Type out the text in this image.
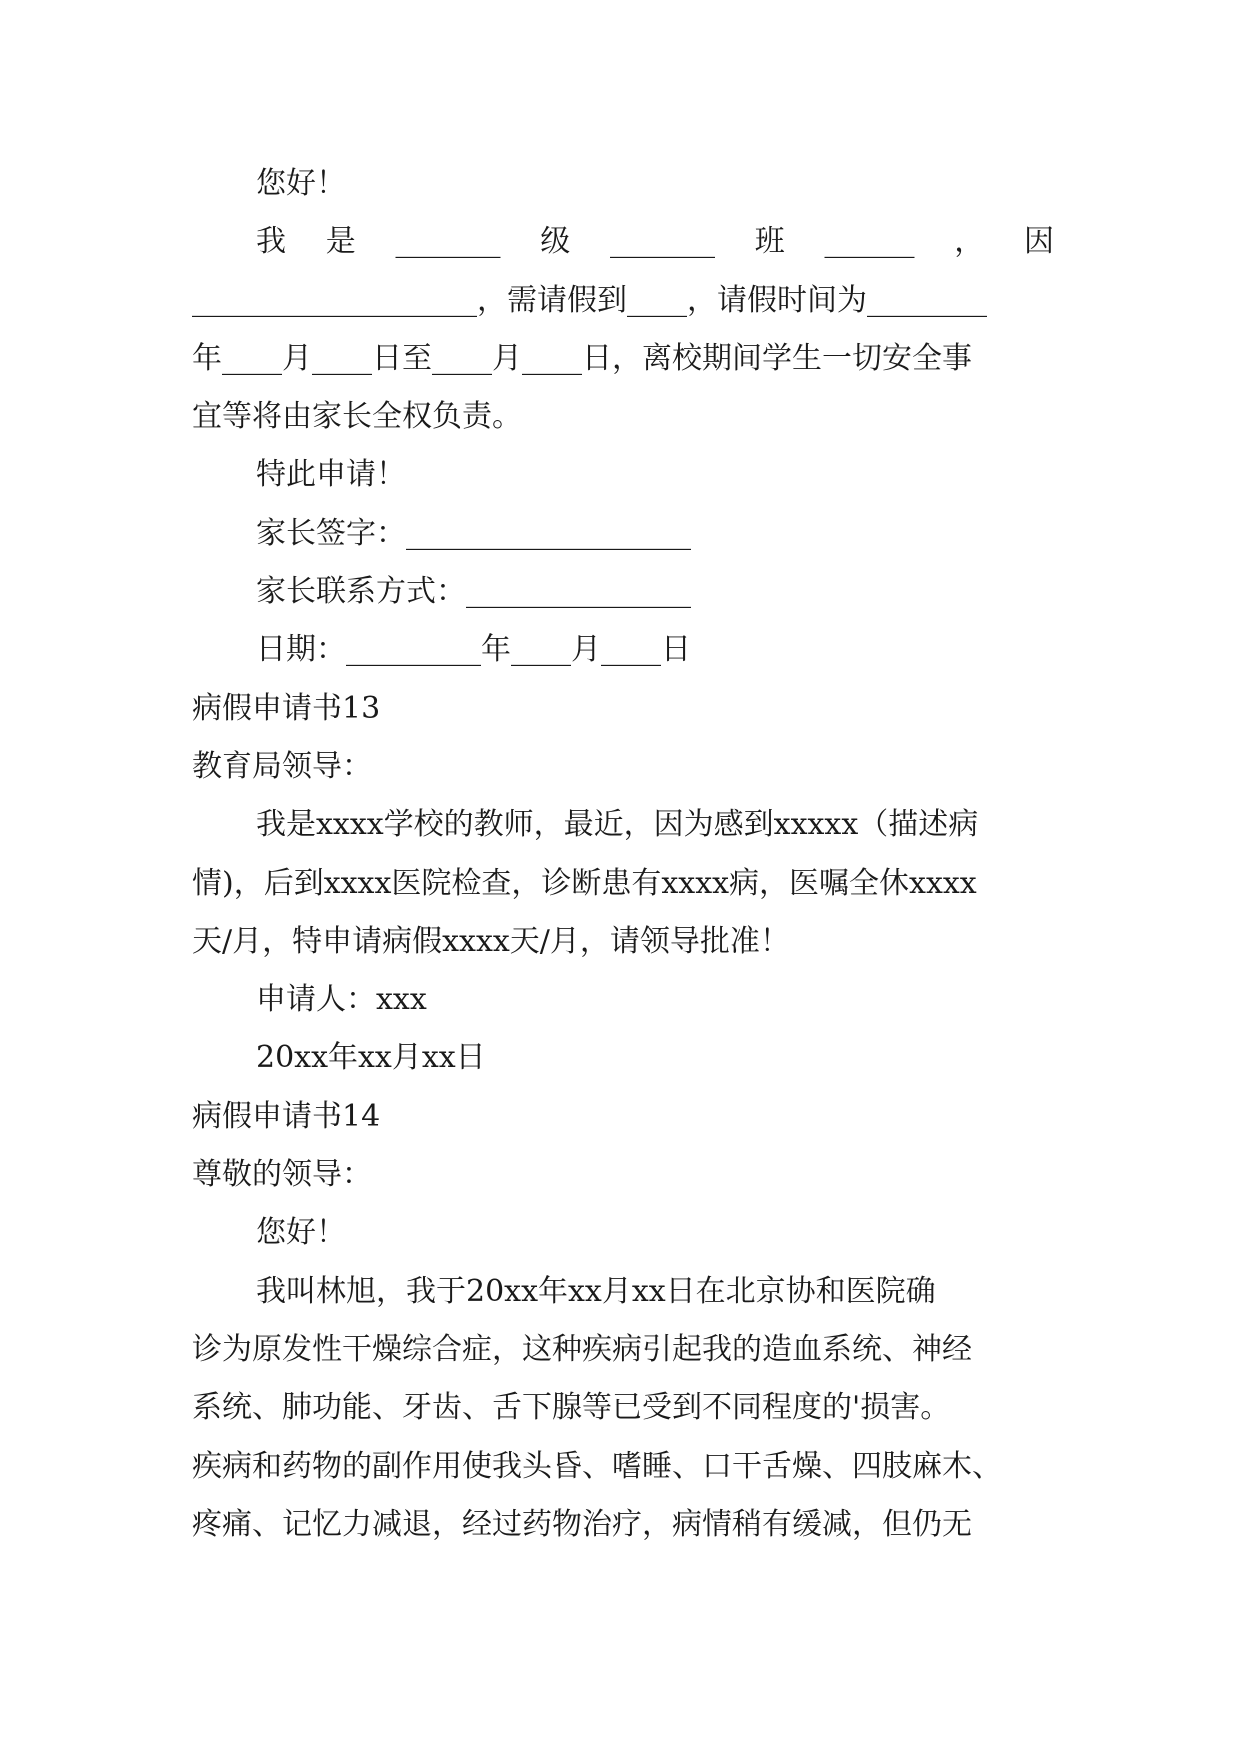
您好！
我 是 _______ 级 _______ 班 ______ ， 因
___________________，需请假到____，请假时间为________
年____月____日至____月____日，离校期间学生一切安全事
宜等将由家长全权负责。
特此申请！
家长签字：___________________
家长联系方式：_______________
日期：_________年____月____日
病假申请书13
教育局领导：
我是xxxx学校的教师，最近，因为感到xxxxx（描述病
情)，后到xxxx医院检查，诊断患有xxxx病，医嘱全休xxxx
天/月，特申请病假xxxx天/月，请领导批准！
申请人：xxx
20xx年xx月xx日
病假申请书14
尊敬的领导：
您好！
我叫林旭，我于20xx年xx月xx日在北京协和医院确
诊为原发性干燥综合症，这种疾病引起我的造血系统、神经
系统、肺功能、牙齿、舌下腺等已受到不同程度的'损害。
疾病和药物的副作用使我头昏、嗜睡、口干舌燥、四肢麻木、
疼痛、记忆力减退，经过药物治疗，病情稍有缓减，但仍无
